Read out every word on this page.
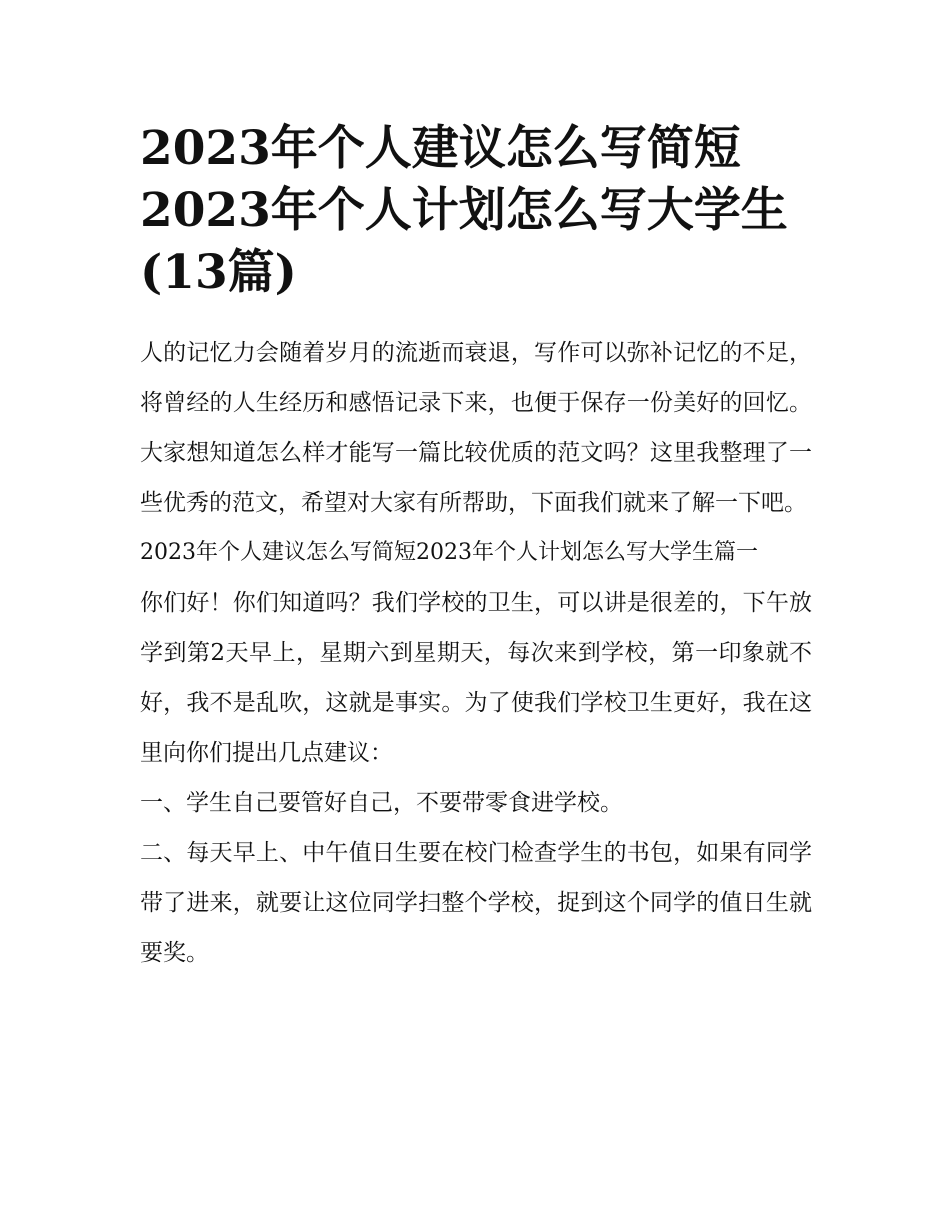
2023年个人建议怎么写简短
2023年个人计划怎么写大学生
(13篇)

人的记忆力会随着岁月的流逝而衰退，写作可以弥补记忆的不足，将曾经的人生经历和感悟记录下来，也便于保存一份美好的回忆。大家想知道怎么样才能写一篇比较优质的范文吗？这里我整理了一些优秀的范文，希望对大家有所帮助，下面我们就来了解一下吧。

2023年个人建议怎么写简短2023年个人计划怎么写大学生篇一

你们好！你们知道吗？我们学校的卫生，可以讲是很差的，下午放学到第2天早上，星期六到星期天，每次来到学校，第一印象就不好，我不是乱吹，这就是事实。为了使我们学校卫生更好，我在这里向你们提出几点建议：

一、学生自己要管好自己，不要带零食进学校。

二、每天早上、中午值日生要在校门检查学生的书包，如果有同学带了进来，就要让这位同学扫整个学校，捉到这个同学的值日生就要奖。
